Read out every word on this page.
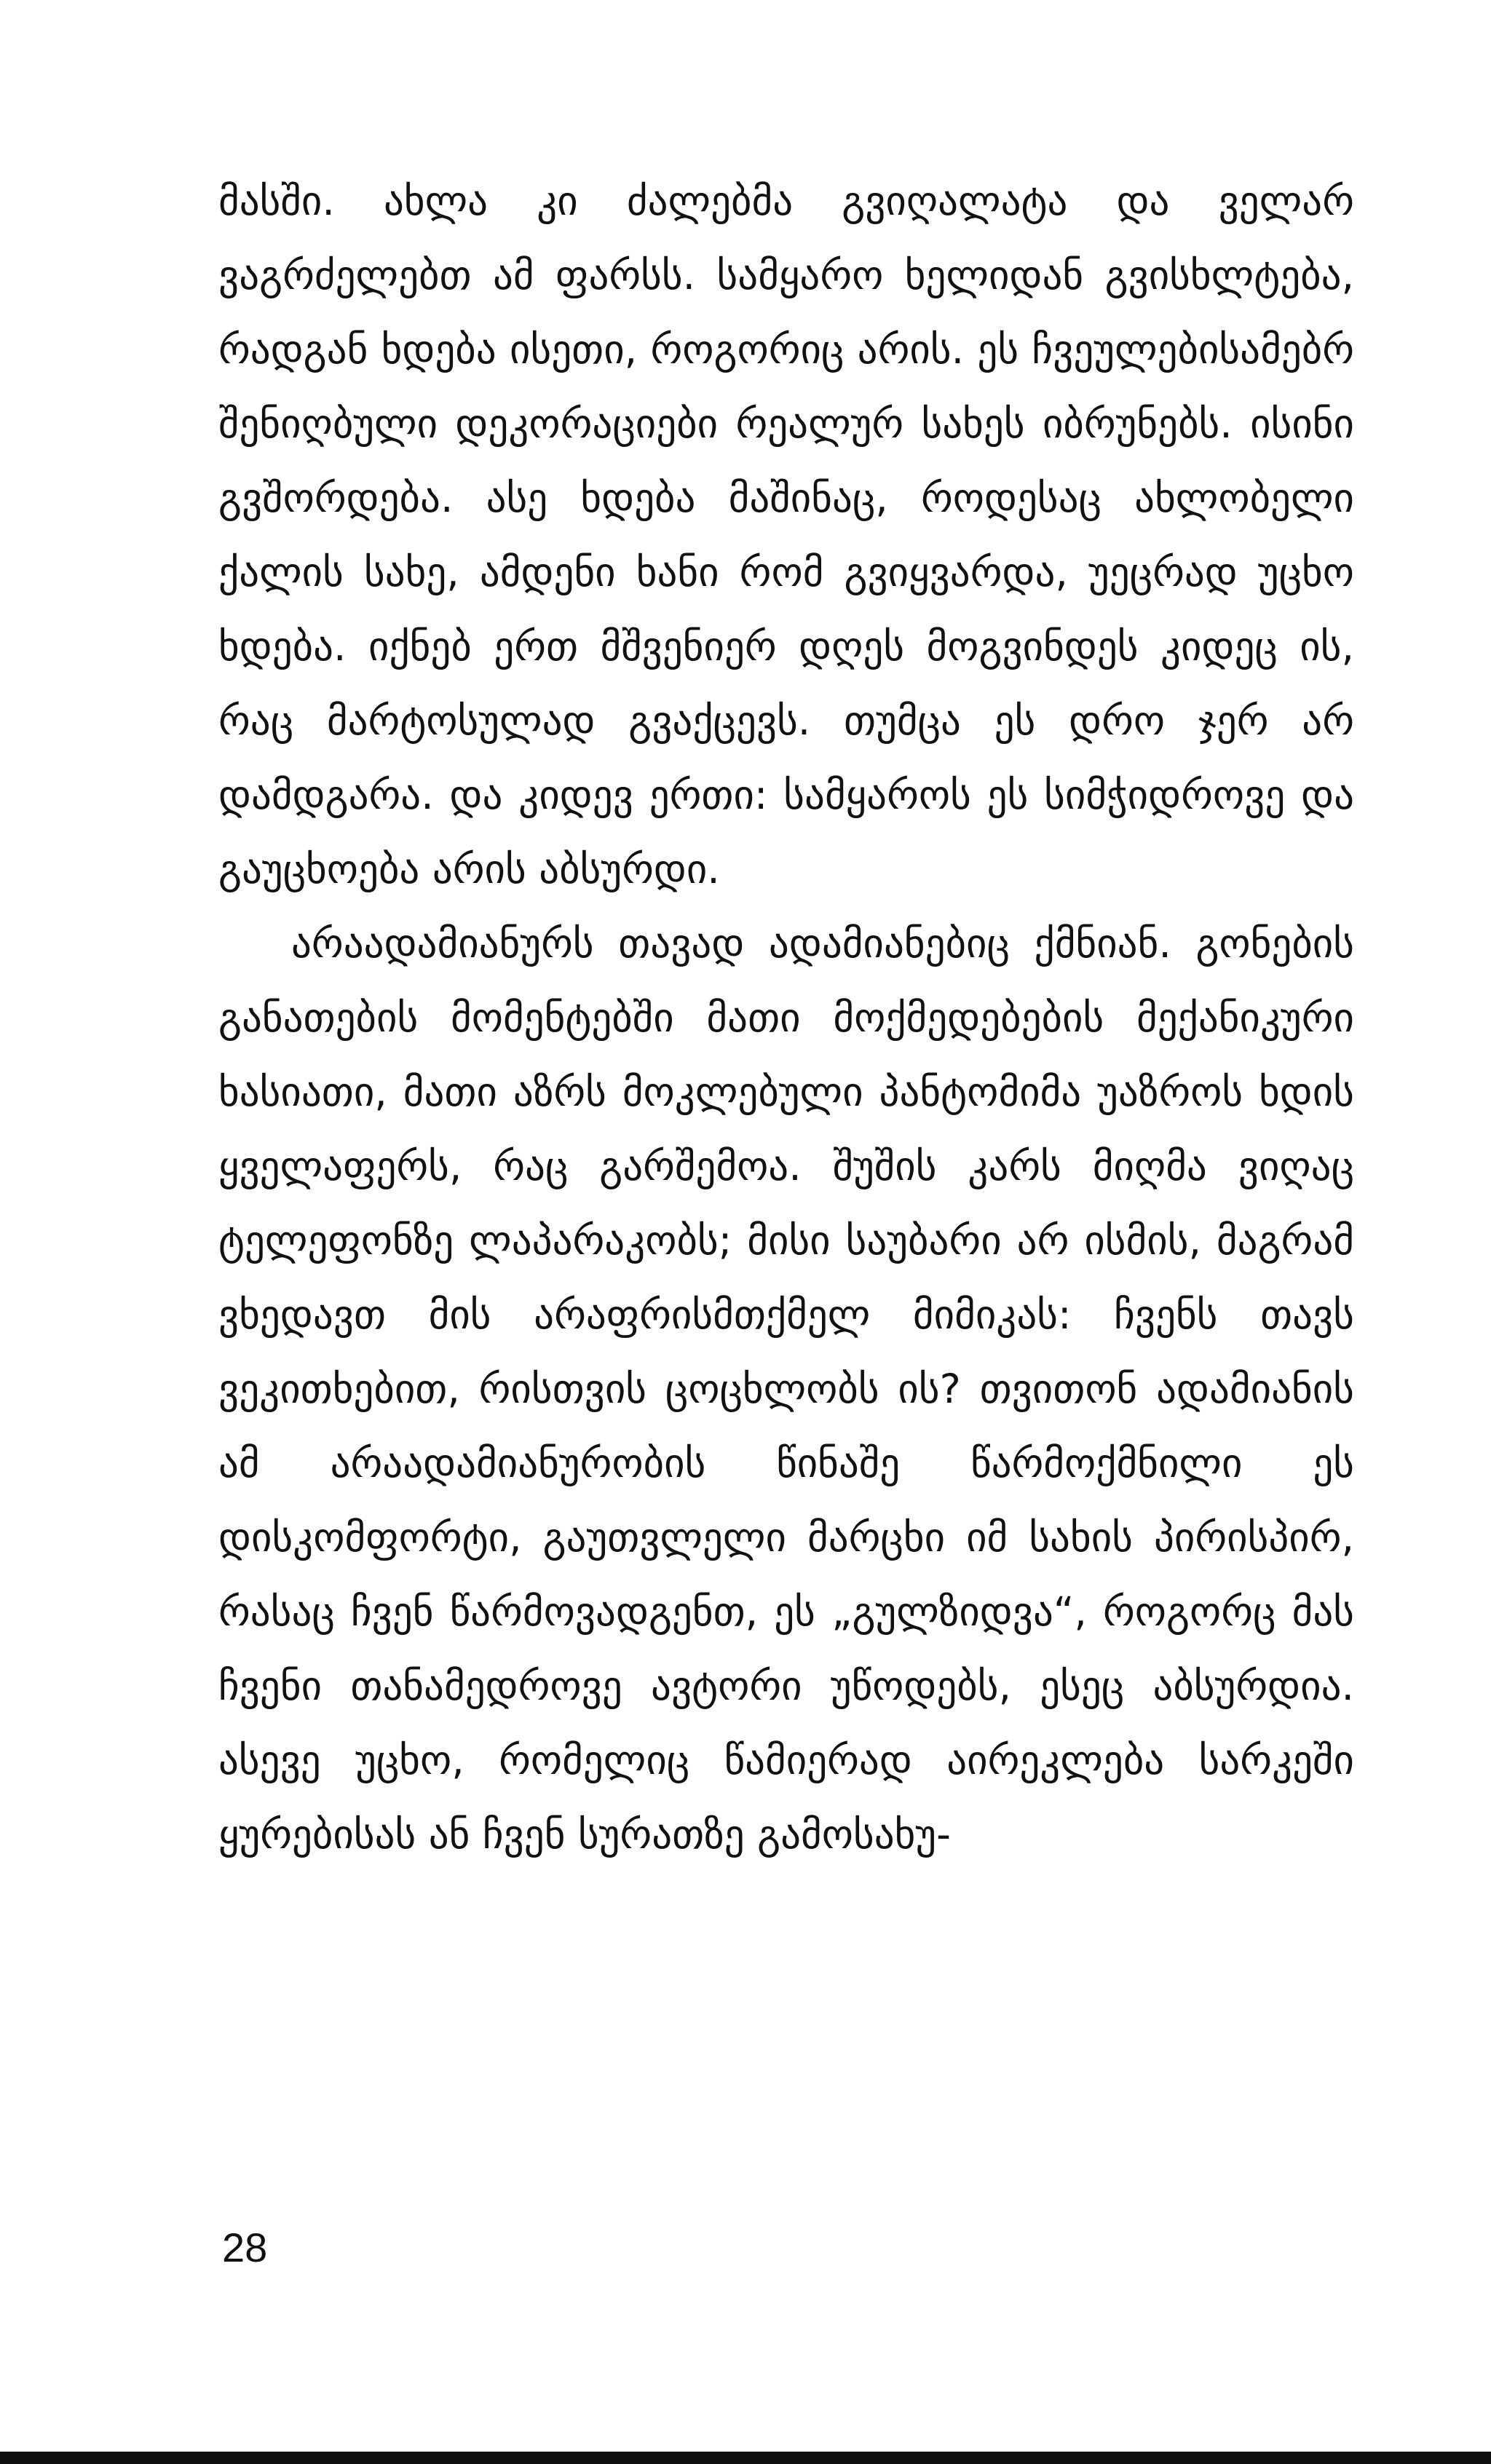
მასში. ახლა კი ძალებმა გვიღალატა და ველარ ვაგრძელებთ ამ ფარსს. სამყარო ხელიდან გვისხლტება, რადგან ხდება ისეთი, როგორიც არის. ეს ჩვეულებისამებრ შენიღბული დეკორაციები რეალურ სახეს იბრუნებს. ისინი გვშორდება. ასე ხდება მაშინაც, როდესაც ახლობელი ქალის სახე, ამდენი ხანი რომ გვიყვარდა, უეცრად უცხო ხდება. იქნებ ერთ მშვენიერ დღეს მოგვინდეს კიდეც ის, რაც მარტოსულად გვაქცევს. თუმცა ეს დრო ჯერ არ დამდგარა. და კიდევ ერთი: სამყაროს ეს სიმჭიდროვე და გაუცხოება არის აბსურდი.

არაადამიანურს თავად ადამიანებიც ქმნიან. გონების განათების მომენტებში მათი მოქმედებების მექანიკური ხასიათი, მათი აზრს მოკლებული პანტომიმა უაზროს ხდის ყველაფერს, რაც გარშემოა. შუშის კარს მიღმა ვიღაც ტელეფონზე ლაპარაკობს; მისი საუბარი არ ისმის, მაგრამ ვხედავთ მის არაფრისმთქმელ მიმიკას: ჩვენს თავს ვეკითხებით, რისთვის ცოცხლობს ის? თვითონ ადამიანის ამ არაადამიანურობის წინაშე წარმოქმნილი ეს დისკომფორტი, გაუთვლელი მარცხი იმ სახის პირისპირ, რასაც ჩვენ წარმოვადგენთ, ეს „გულზიდვა“, როგორც მას ჩვენი თანამედროვე ავტორი უწოდებს, ესეც აბსურდია. ასევე უცხო, რომელიც წამიერად აირეკლება სარკეში ყურებისას ან ჩვენ სურათზე გამოსახუ-

28
